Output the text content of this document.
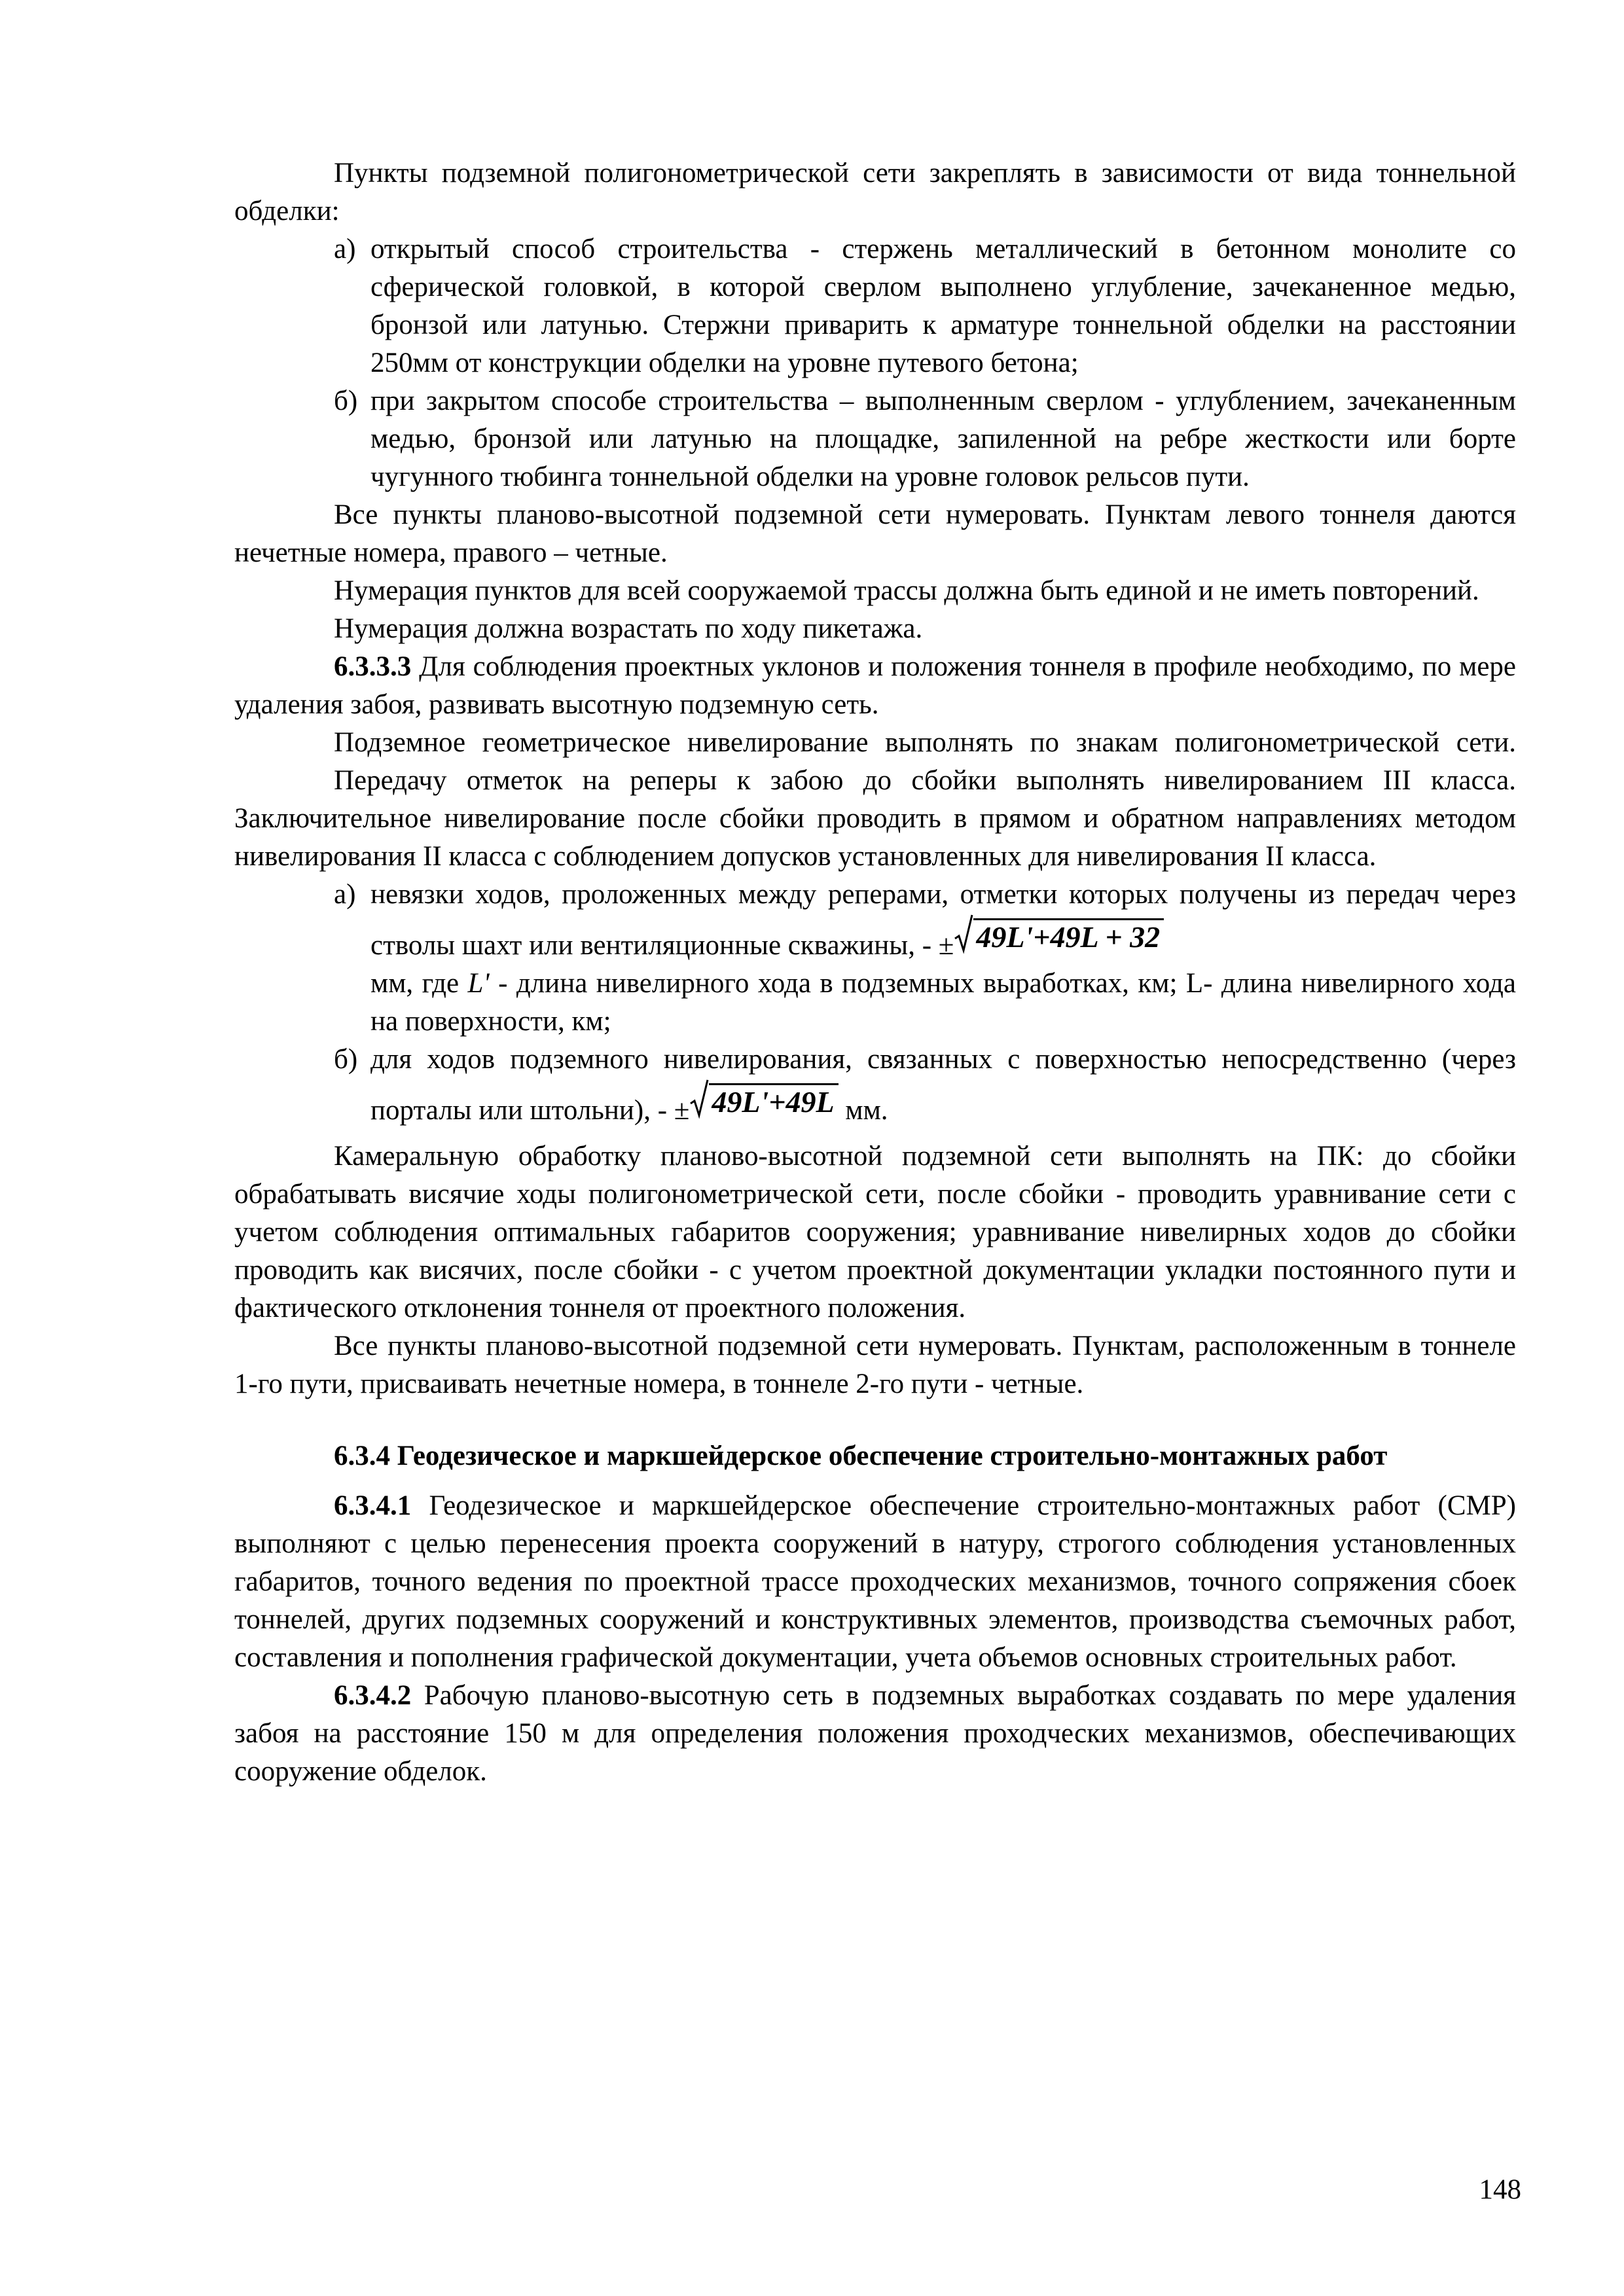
Пункты подземной полигонометрической сети закреплять в зависимости от вида тоннельной обделки:

а) открытый способ строительства - стержень металлический в бетонном монолите со сферической головкой, в которой сверлом выполнено углубление, зачеканенное медью, бронзой или латунью. Стержни приварить к арматуре тоннельной обделки на расстоянии 250мм от конструкции обделки на уровне путевого бетона;
б) при закрытом способе строительства – выполненным сверлом - углублением, зачеканенным медью, бронзой или латунью на площадке, запиленной на ребре жесткости или борте чугунного тюбинга тоннельной обделки на уровне головок рельсов пути.

Все пункты планово-высотной подземной сети нумеровать. Пунктам левого тоннеля даются нечетные номера, правого – четные.

Нумерация пунктов для всей сооружаемой трассы должна быть единой и не иметь повторений.

Нумерация должна возрастать по ходу пикетажа.

6.3.3.3 Для соблюдения проектных уклонов и положения тоннеля в профиле необходимо, по мере удаления забоя, развивать высотную подземную сеть.

Подземное геометрическое нивелирование выполнять по знакам полигонометрической сети.

Передачу отметок на реперы к забою до сбойки выполнять нивелированием III класса. Заключительное нивелирование после сбойки проводить в прямом и обратном направлениях методом нивелирования II класса с соблюдением допусков установленных для нивелирования II класса.

а) невязки ходов, проложенных между реперами, отметки которых получены из передач через стволы шахт или вентиляционные скважины, - ± 49L'+49L + 32

мм, где L' - длина нивелирного хода в подземных выработках, км; L- длина нивелирного хода на поверхности, км;
б) для ходов подземного нивелирования, связанных с поверхностью непосредственно (через порталы или штольни), - ± 49L'+49L мм.

Камеральную обработку планово-высотной подземной сети выполнять на ПК: до сбойки обрабатывать висячие ходы полигонометрической сети, после сбойки - проводить уравнивание сети с учетом соблюдения оптимальных габаритов сооружения; уравнивание нивелирных ходов до сбойки проводить как висячих, после сбойки - с учетом проектной документации укладки постоянного пути и фактического отклонения тоннеля от проектного положения.

Все пункты планово-высотной подземной сети нумеровать. Пунктам, расположенным в тоннеле 1-го пути, присваивать нечетные номера, в тоннеле 2-го пути - четные.

6.3.4 Геодезическое и маркшейдерское обеспечение строительно-монтажных работ

6.3.4.1 Геодезическое и маркшейдерское обеспечение строительно-монтажных работ (СМР) выполняют с целью перенесения проекта сооружений в натуру, строгого соблюдения установленных габаритов, точного ведения по проектной трассе проходческих механизмов, точного сопряжения сбоек тоннелей, других подземных сооружений и конструктивных элементов, производства съемочных работ, составления и пополнения графической документации, учета объемов основных строительных работ.

6.3.4.2 Рабочую планово-высотную сеть в подземных выработках создавать по мере удаления забоя на расстояние 150 м для определения положения проходческих механизмов, обеспечивающих сооружение обделок.

148
